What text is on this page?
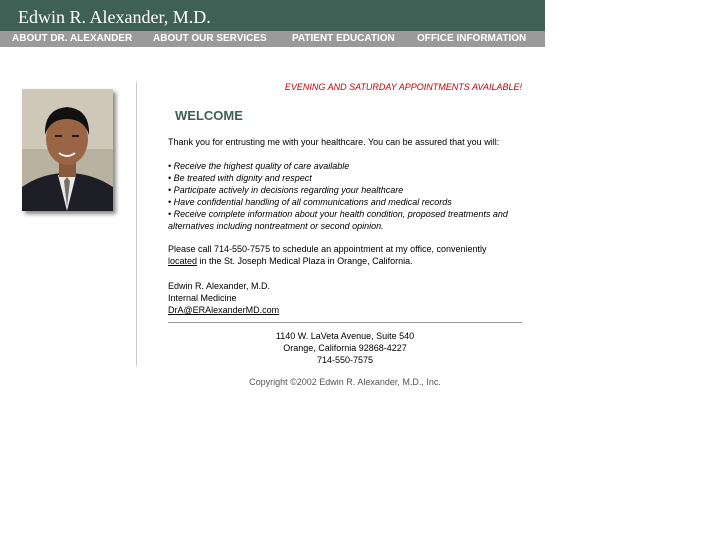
Edwin R. Alexander, M.D.
ABOUT DR. ALEXANDER ABOUT OUR SERVICES	PATIENT EDUCATION OFFICE INFORMATION
EVENING AND SATURDAY APPOINTMENTS AVAILABLE!
WELCOME
Thank you for entrusting me with your healthcare. You can be assured that you will:

• Receive the highest quality of care available

• Be treated with dignity and respect

• Participate actively in decisions regarding your healthcare

• Have confidential handling of all communications and medical records

• Receive complete information about your health condition, proposed treatments and alternatives including nontreatment or second opinion.

Please call 714-550-7575 to schedule an appointment at my office, conveniently located in the St. Joseph Medical Plaza in Orange, California.
Edwin R. Alexander, M.D.
Internal Medicine
DrA@ERAlexanderMD.com
1140 W. LaVeta Avenue, Suite 540
Orange, California 92868-4227
714-550-7575
Copyright ©2002 Edwin R. Alexander, M.D., Inc.
